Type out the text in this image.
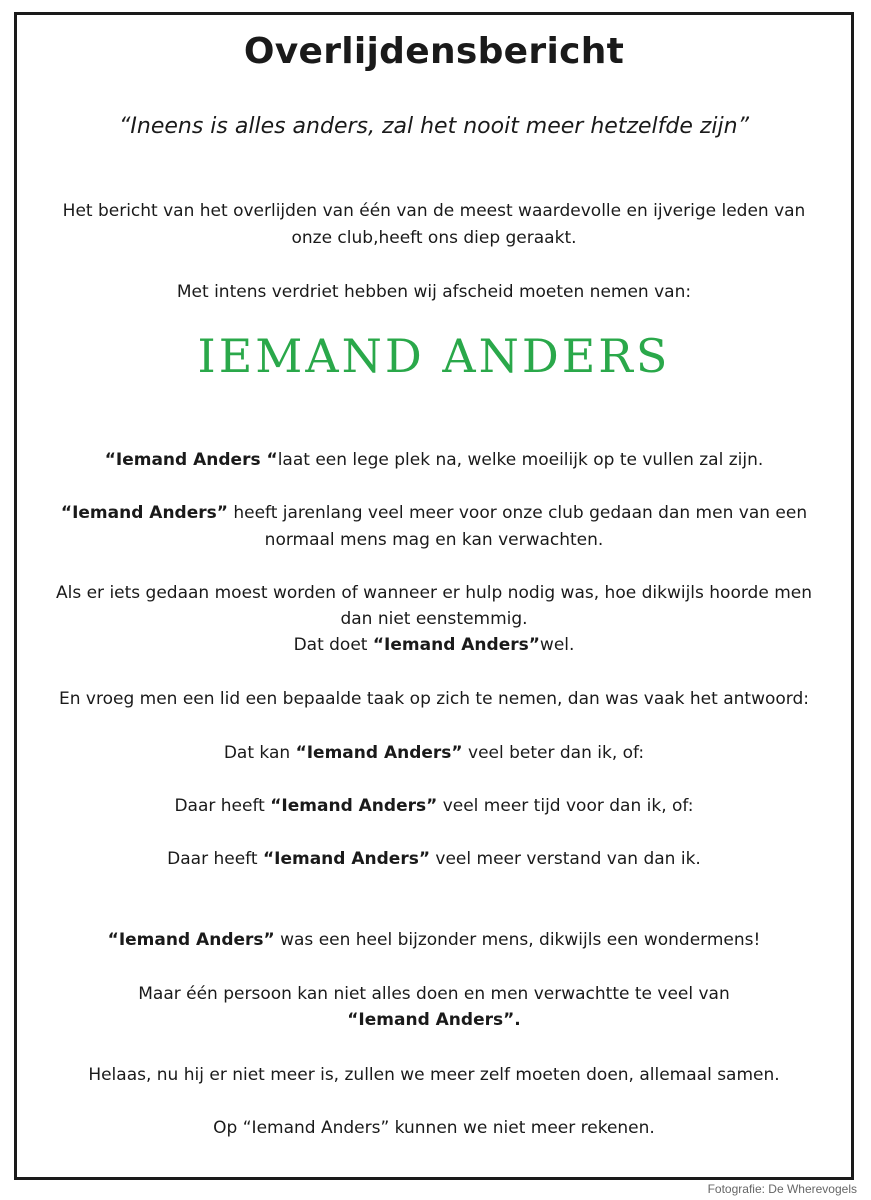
Overlijdensbericht
“Ineens is alles anders, zal het nooit meer hetzelfde zijn”
Het bericht van het overlijden van één van de meest waardevolle en ijverige leden van
onze club,heeft ons diep geraakt.
Met intens verdriet hebben wij afscheid moeten nemen van:
IEMAND ANDERS
“Iemand Anders “laat een lege plek na, welke moeilijk op te vullen zal zijn.
“Iemand Anders” heeft jarenlang veel meer voor onze club gedaan dan men van een
normaal mens mag en kan verwachten.
Als er iets gedaan moest worden of wanneer er hulp nodig was, hoe dikwijls hoorde men
dan niet eenstemmig.
Dat doet “Iemand Anders”wel.
En vroeg men een lid een bepaalde taak op zich te nemen, dan was vaak het antwoord:
Dat kan “Iemand Anders” veel beter dan ik, of:
Daar heeft “Iemand Anders” veel meer tijd voor dan ik, of:
Daar heeft “Iemand Anders” veel meer verstand van dan ik.
“Iemand Anders” was een heel bijzonder mens, dikwijls een wondermens!
Maar één persoon kan niet alles doen en men verwachtte te veel van
“Iemand Anders”.
Helaas, nu hij er niet meer is, zullen we meer zelf moeten doen, allemaal samen.
Op “Iemand Anders” kunnen we niet meer rekenen.
Fotografie: De Wherevogels
